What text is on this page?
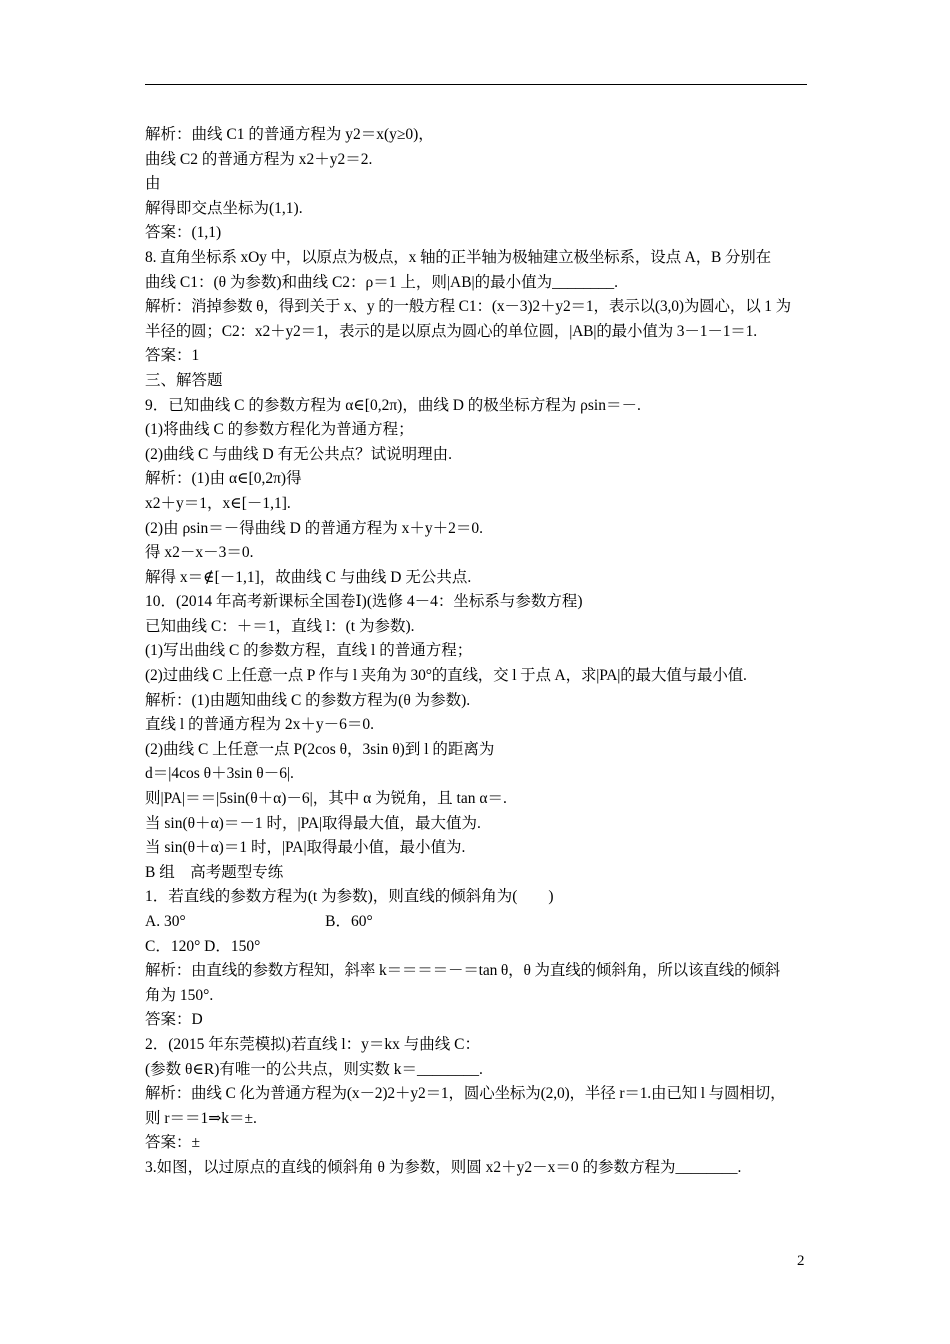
解析：曲线 C1 的普通方程为 y2＝x(y≥0)，
曲线 C2 的普通方程为 x2＋y2＝2.
由
解得即交点坐标为(1,1).
答案：(1,1)
8. 直角坐标系 xOy 中，以原点为极点，x 轴的正半轴为极轴建立极坐标系，设点 A，B 分别在
曲线 C1：(θ 为参数)和曲线 C2：ρ＝1 上，则|AB|的最小值为________.
解析：消掉参数 θ，得到关于 x、y 的一般方程 C1：(x－3)2＋y2＝1，表示以(3,0)为圆心，以 1 为
半径的圆；C2：x2＋y2＝1，表示的是以原点为圆心的单位圆，|AB|的最小值为 3－1－1＝1.
答案：1
三、解答题
9．已知曲线 C 的参数方程为 α∈[0,2π)，曲线 D 的极坐标方程为 ρsin＝－.
(1)将曲线 C 的参数方程化为普通方程；
(2)曲线 C 与曲线 D 有无公共点？试说明理由.
解析：(1)由 α∈[0,2π)得
x2＋y＝1，x∈[－1,1].
(2)由 ρsin＝－得曲线 D 的普通方程为 x＋y＋2＝0.
得 x2－x－3＝0.
解得 x＝∉[－1,1]，故曲线 C 与曲线 D 无公共点.
10．(2014 年高考新课标全国卷Ⅰ)(选修 4－4：坐标系与参数方程)
已知曲线 C：＋＝1，直线 l：(t 为参数).
(1)写出曲线 C 的参数方程，直线 l 的普通方程；
(2)过曲线 C 上任意一点 P 作与 l 夹角为 30°的直线，交 l 于点 A，求|PA|的最大值与最小值.
解析：(1)由题知曲线 C 的参数方程为(θ 为参数).
直线 l 的普通方程为 2x＋y－6＝0.
(2)曲线 C 上任意一点 P(2cos θ，3sin θ)到 l 的距离为
d＝|4cos θ＋3sin θ－6|.
则|PA|＝＝|5sin(θ＋α)－6|，其中 α 为锐角，且 tan α＝.
当 sin(θ＋α)＝－1 时，|PA|取得最大值，最大值为.
当 sin(θ＋α)＝1 时，|PA|取得最小值，最小值为.
B 组　高考题型专练
1．若直线的参数方程为(t 为参数)，则直线的倾斜角为(　　)
A. 30°　　　　　　　　　B．60°
C．120° D．150°
解析：由直线的参数方程知，斜率 k＝＝＝＝－＝tan θ，θ 为直线的倾斜角，所以该直线的倾斜
角为 150°.
答案：D
2．(2015 年东莞模拟)若直线 l：y＝kx 与曲线 C：
(参数 θ∈R)有唯一的公共点，则实数 k＝________.
解析：曲线 C 化为普通方程为(x－2)2＋y2＝1，圆心坐标为(2,0)，半径 r＝1.由已知 l 与圆相切，
则 r＝＝1⇒k＝±.
答案：±
3.如图，以过原点的直线的倾斜角 θ 为参数，则圆 x2＋y2－x＝0 的参数方程为________.
2
